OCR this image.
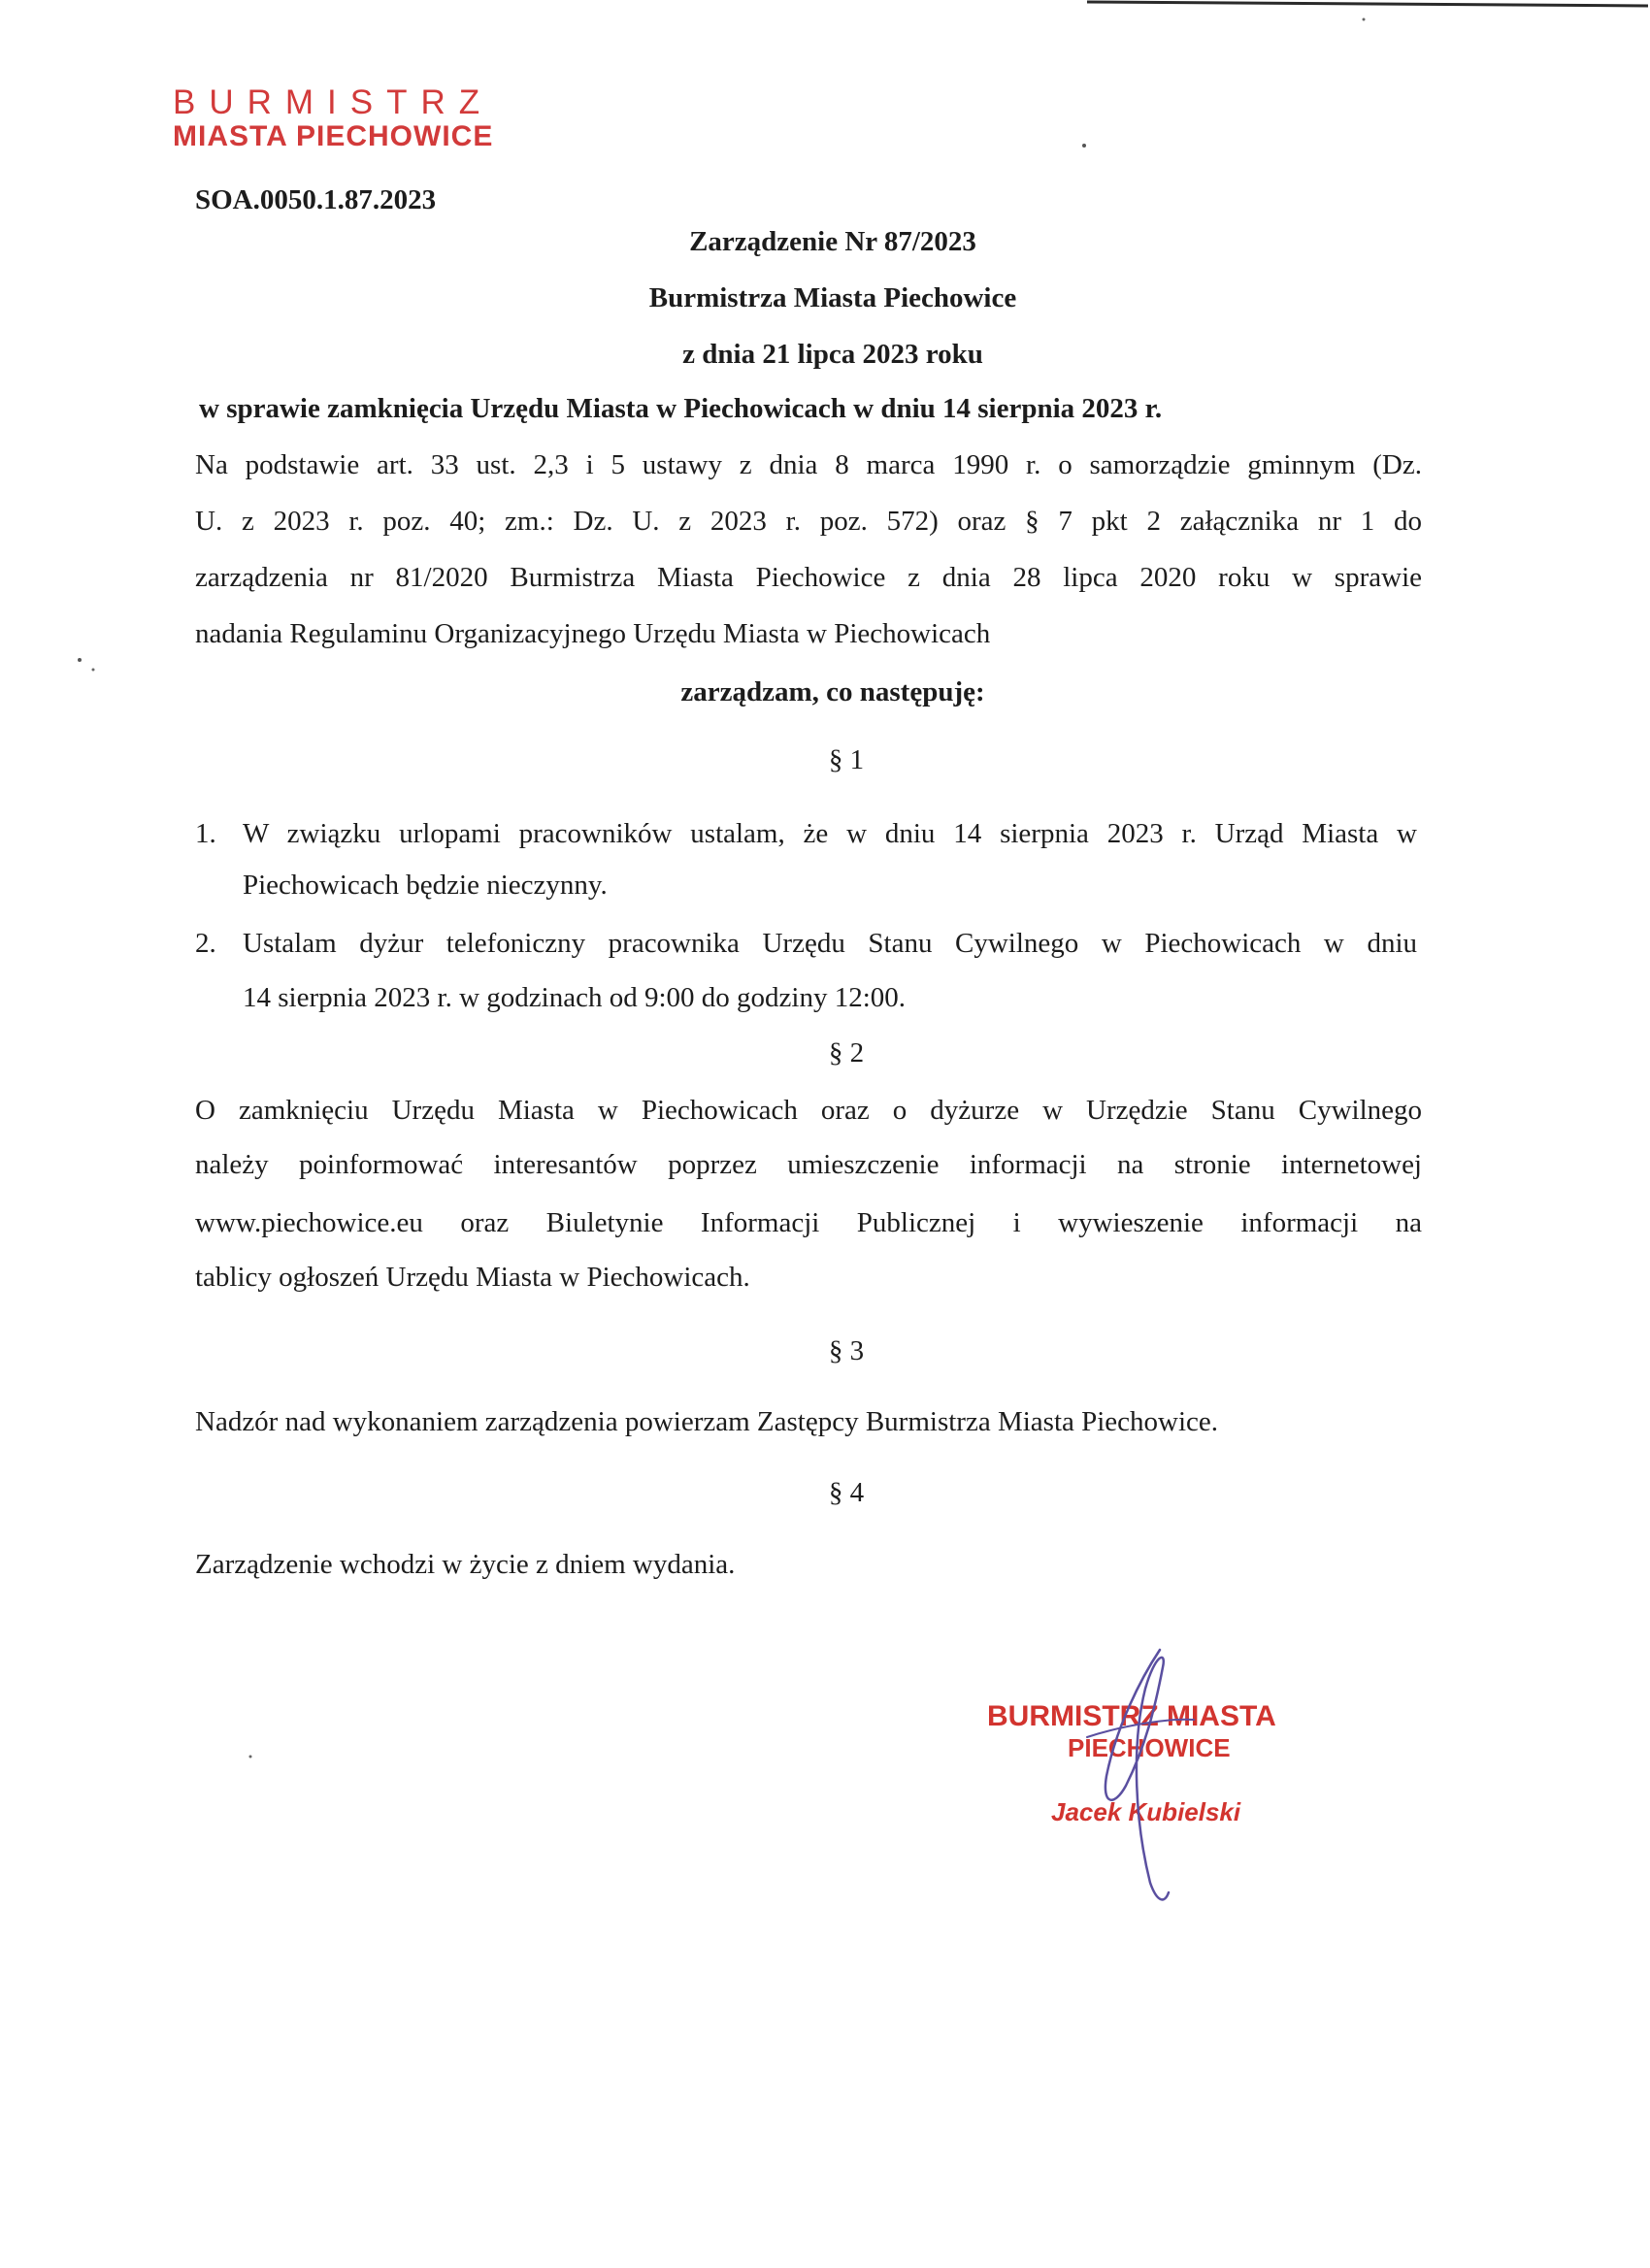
BURMISTRZ
MIASTA PIECHOWICE
SOA.0050.1.87.2023
Zarządzenie Nr 87/2023
Burmistrza Miasta Piechowice
z dnia 21 lipca 2023 roku
w sprawie zamknięcia Urzędu Miasta w Piechowicach w dniu 14 sierpnia 2023 r.
Na podstawie art. 33 ust. 2,3 i 5 ustawy z dnia 8 marca 1990 r. o samorządzie gminnym (Dz.
U. z 2023 r. poz. 40; zm.: Dz. U. z 2023 r. poz. 572) oraz § 7 pkt 2 załącznika nr 1 do
zarządzenia nr 81/2020 Burmistrza Miasta Piechowice z dnia 28 lipca 2020 roku w sprawie
nadania Regulaminu Organizacyjnego Urzędu Miasta w Piechowicach
zarządzam, co następuję:
§ 1
1. W związku urlopami pracowników ustalam, że w dniu 14 sierpnia 2023 r. Urząd Miasta w
Piechowicach będzie nieczynny.
2. Ustalam dyżur telefoniczny pracownika Urzędu Stanu Cywilnego w Piechowicach w dniu
14 sierpnia 2023 r. w godzinach od 9:00 do godziny 12:00.
§ 2
O zamknięciu Urzędu Miasta w Piechowicach oraz o dyżurze w Urzędzie Stanu Cywilnego
należy poinformować interesantów poprzez umieszczenie informacji na stronie internetowej
www.piechowice.eu oraz Biuletynie Informacji Publicznej i wywieszenie informacji na
tablicy ogłoszeń Urzędu Miasta w Piechowicach.
§ 3
Nadzór nad wykonaniem zarządzenia powierzam Zastępcy Burmistrza Miasta Piechowice.
§ 4
Zarządzenie wchodzi w życie z dniem wydania.
BURMISTRZ MIASTA
PIECHOWICE
Jacek Kubielski
